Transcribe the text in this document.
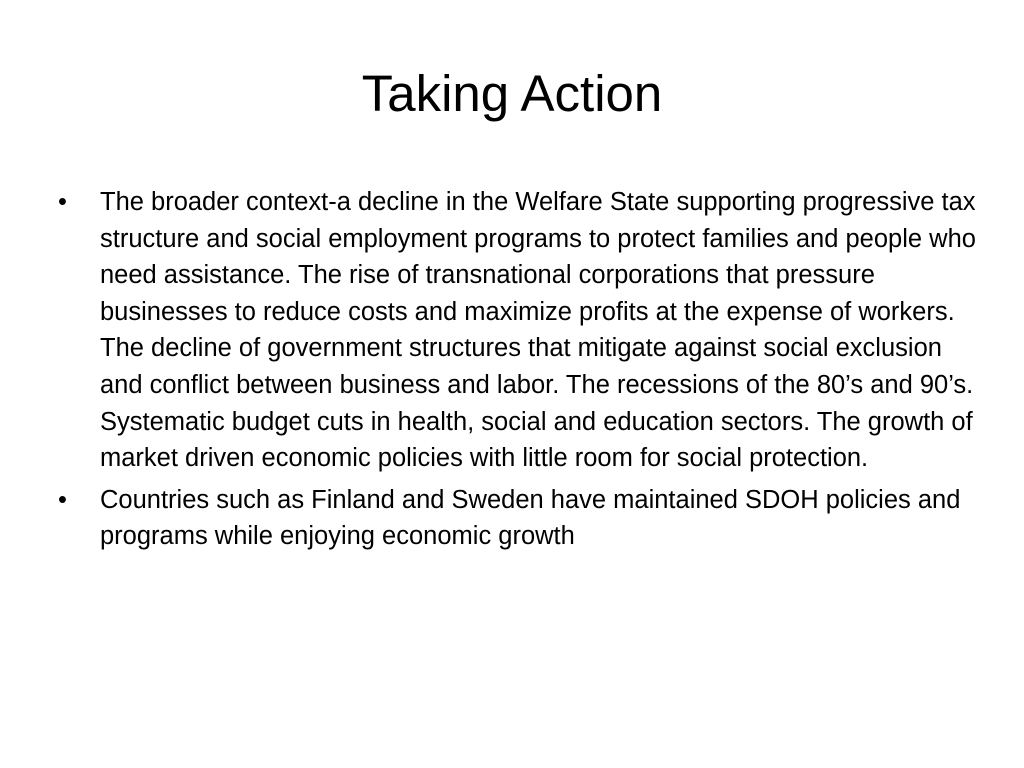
Taking Action
•	The broader context-a decline in the Welfare State supporting progressive tax structure and social employment programs to protect families and people who need assistance. The rise of transnational corporations that pressure businesses to reduce costs and maximize profits at the expense of workers. The decline of government structures that mitigate against social exclusion and conflict between business and labor. The recessions of the 80’s and 90’s. Systematic budget cuts in health, social and education sectors. The growth of market driven economic policies with little room for social protection.
•	Countries such as Finland and Sweden have maintained SDOH policies and programs while enjoying economic growth
